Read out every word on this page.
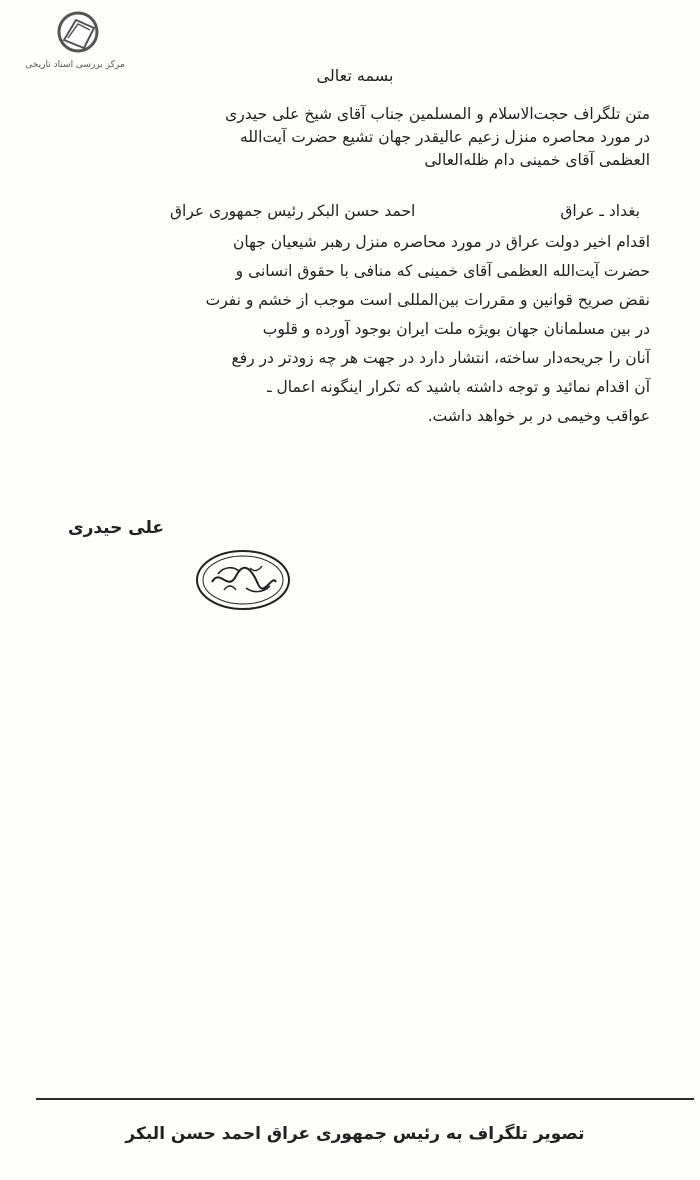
مرکز بررسی اسناد تاریخی
بسمه تعالی
متن تلگراف حجت‌الاسلام و المسلمین جناب آقای شیخ علی حیدری
در مورد محاصره منزل زعیم عالیقدر جهان تشیع حضرت آیت‌الله
العظمی آقای خمینی دام ظله‌العالی
بغداد ـ عراق
احمد حسن البکر رئیس جمهوری عراق
اقدام اخیر دولت عراق در مورد محاصره منزل رهبر شیعیان جهان
حضرت آیت‌الله العظمی آقای خمینی که منافی با حقوق انسانی و
نقض صریح قوانین و مقررات بین‌المللی است موجب از خشم و نفرت
در بین مسلمانان جهان بویژه ملت ایران بوجود آورده و قلوب
آنان را جریحه‌دار ساخته، انتشار دارد در جهت هر چه زودتر در رفع
آن اقدام نمائید و توجه داشته باشید که تکرار اینگونه اعمال ـ
عواقب وخیمی در بر خواهد داشت.
علی حیدری
تصویر تلگراف به رئیس جمهوری عراق احمد حسن البکر
